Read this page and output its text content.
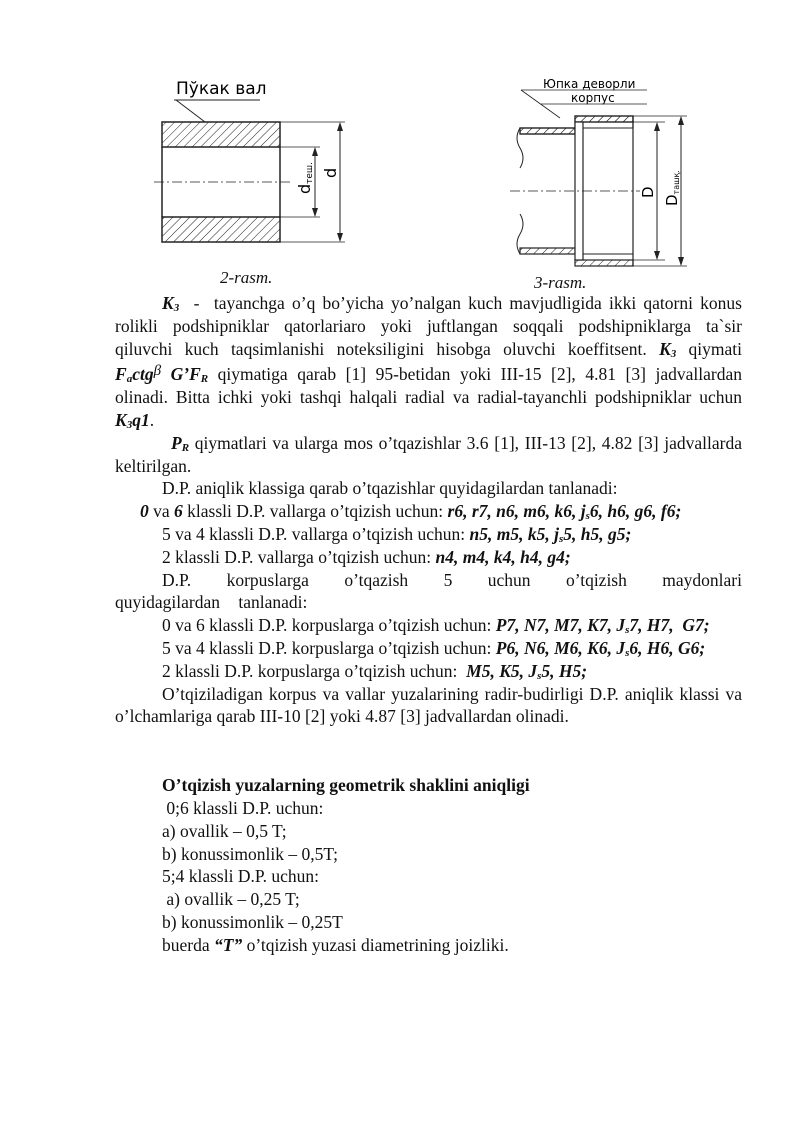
Пўкак вал
dтеш. d
2-rasm.
Юпка деворли
корпус
D
Dташқ.
3-rasm.

$K_3$  -  tayanchga o’q bo’yicha yo’nalgan kuch mavjudligida ikki qatorni konus rolikli podshipniklar qatorlariaro yoki juftlangan soqqali podshipniklarga ta`sir qiluvchi kuch taqsimlanishi noteksiligini hisobga oluvchi koeffitsent. $K_3$ qiymati $F_actg\beta$ $G’F_R$ qiymatiga qarab [1] 95-betidan yoki III-15 [2], 4.81 [3] jadvallardan olinadi. Bitta ichki yoki tashqi halqali radial va radial-tayanchli podshipniklar uchun $K_3q1$.

$P_R$ qiymatlari va ularga mos o’tqazishlar 3.6 [1], III-13 [2], 4.82 [3] jadvallarda keltirilgan.

D.P. aniqlik klassiga qarab o’tqazishlar quyidagilardan tanlanadi:

0 va 6 klassli D.P. vallarga o’tqizish uchun: r6, r7, n6, m6, k6, $j_s6$, h6, g6, f6;

5 va 4 klassli D.P. vallarga o’tqizish uchun: n5, m5, k5, $j_s5$, h5, g5;

2 klassli D.P. vallarga o’tqizish uchun: n4, m4, k4, h4, g4;

D.P. korpuslarga o’tqazish 5 uchun o’tqizish maydonlari quyidagilardan tanlanadi:

0 va 6 klassli D.P. korpuslarga o’tqizish uchun: P7, N7, M7, K7, $J_s7$, H7,  G7;

5 va 4 klassli D.P. korpuslarga o’tqizish uchun: P6, N6, M6, K6, $J_s6$, H6, G6;

2 klassli D.P. korpuslarga o’tqizish uchun:  M5, K5, $J_s5$, H5;

O’tqiziladigan korpus va vallar yuzalarining radir-budirligi D.P. aniqlik klassi va o’lchamlariga qarab III-10 [2] yoki 4.87 [3] jadvallardan olinadi.

O’tqizish yuzalarning geometrik shaklini aniqligi

0;6 klassli D.P. uchun:

a) ovallik – 0,5 T;

b) konussimonlik – 0,5T;

5;4 klassli D.P. uchun:

a) ovallik – 0,25 T;

b) konussimonlik – 0,25T

buerda “T” o’tqizish yuzasi diametrining joizliki.
